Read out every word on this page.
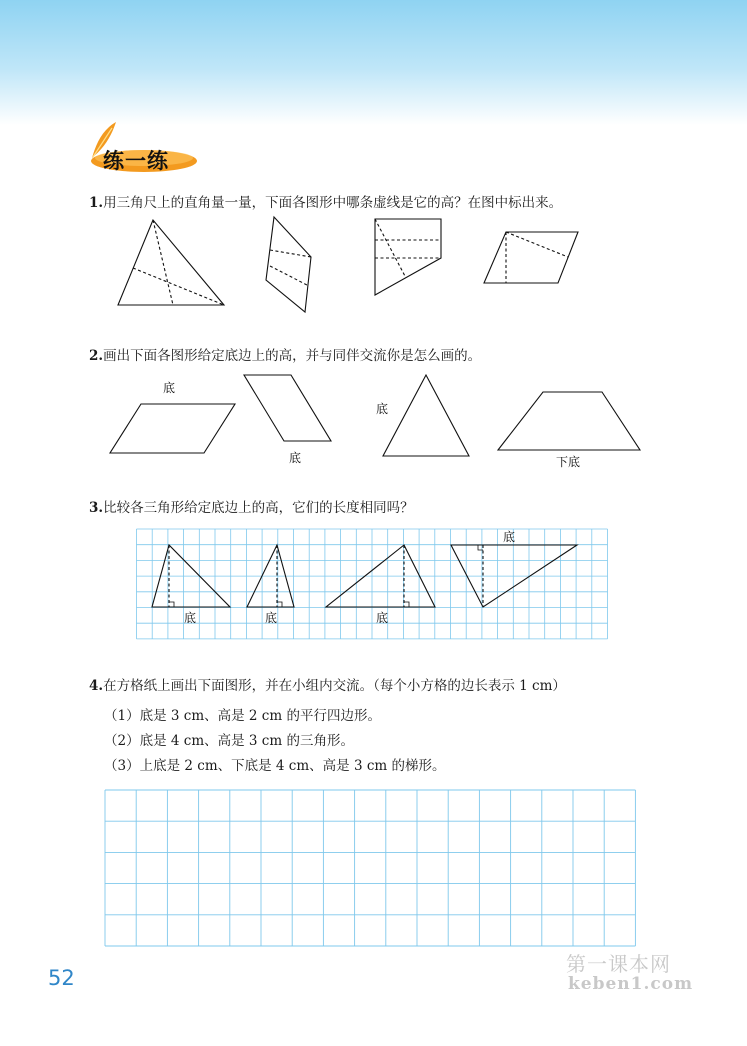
练一练
1.用三角尺上的直角量一量，下面各图形中哪条虚线是它的高？在图中标出来。
底
底
底
下底
底	底	底
底
2.画出下面各图形给定底边上的高，并与同伴交流你是怎么画的。
3.比较各三角形给定底边上的高，它们的长度相同吗？
4.在方格纸上画出下面图形，并在小组内交流。（每个小方格的边长表示 1 cm）
（1）底是 3 cm、高是 2 cm 的平行四边形。
（2）底是 4 cm、高是 3 cm 的三角形。
（3）上底是 2 cm、下底是 4 cm、高是 3 cm 的梯形。
52
第一课本网
keben1.com
